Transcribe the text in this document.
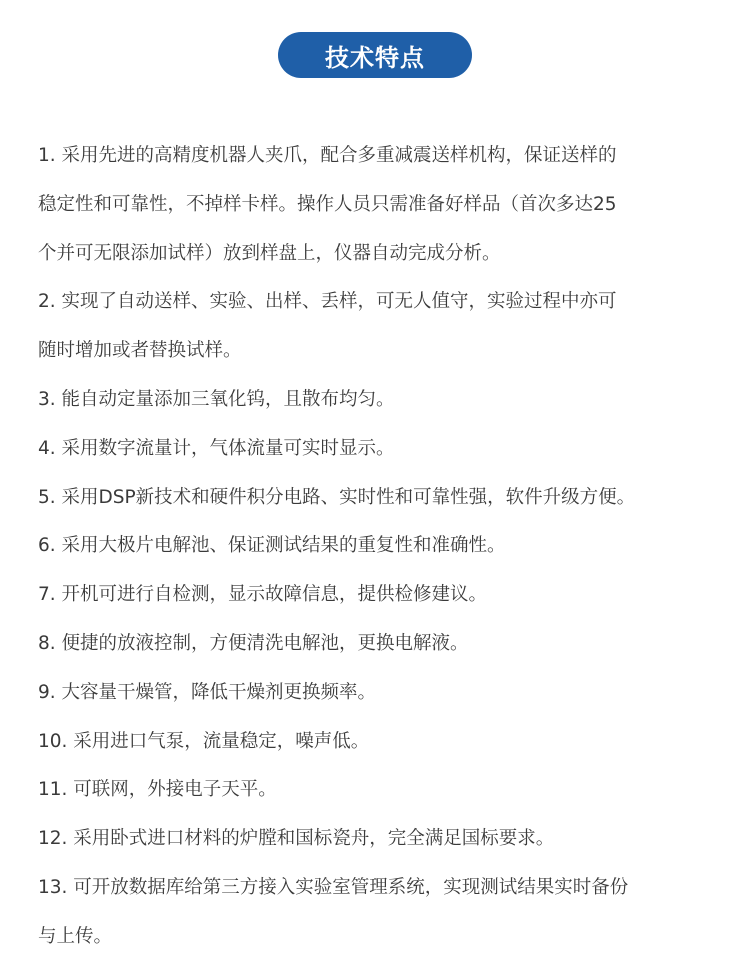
技术特点
1. 采用先进的高精度机器人夹爪，配合多重减震送样机构，保证送样的
稳定性和可靠性，不掉样卡样。操作人员只需准备好样品（首次多达25
个并可无限添加试样）放到样盘上，仪器自动完成分析。
2. 实现了自动送样、实验、出样、丢样，可无人值守，实验过程中亦可
随时增加或者替换试样。
3. 能自动定量添加三氧化钨，且散布均匀。
4. 采用数字流量计，气体流量可实时显示。
5. 采用DSP新技术和硬件积分电路、实时性和可靠性强，软件升级方便。
6. 采用大极片电解池、保证测试结果的重复性和准确性。
7. 开机可进行自检测，显示故障信息，提供检修建议。
8. 便捷的放液控制，方便清洗电解池，更换电解液。
9. 大容量干燥管，降低干燥剂更换频率。
10. 采用进口气泵，流量稳定，噪声低。
11. 可联网，外接电子天平。
12. 采用卧式进口材料的炉膛和国标瓷舟，完全满足国标要求。
13. 可开放数据库给第三方接入实验室管理系统，实现测试结果实时备份
与上传。
